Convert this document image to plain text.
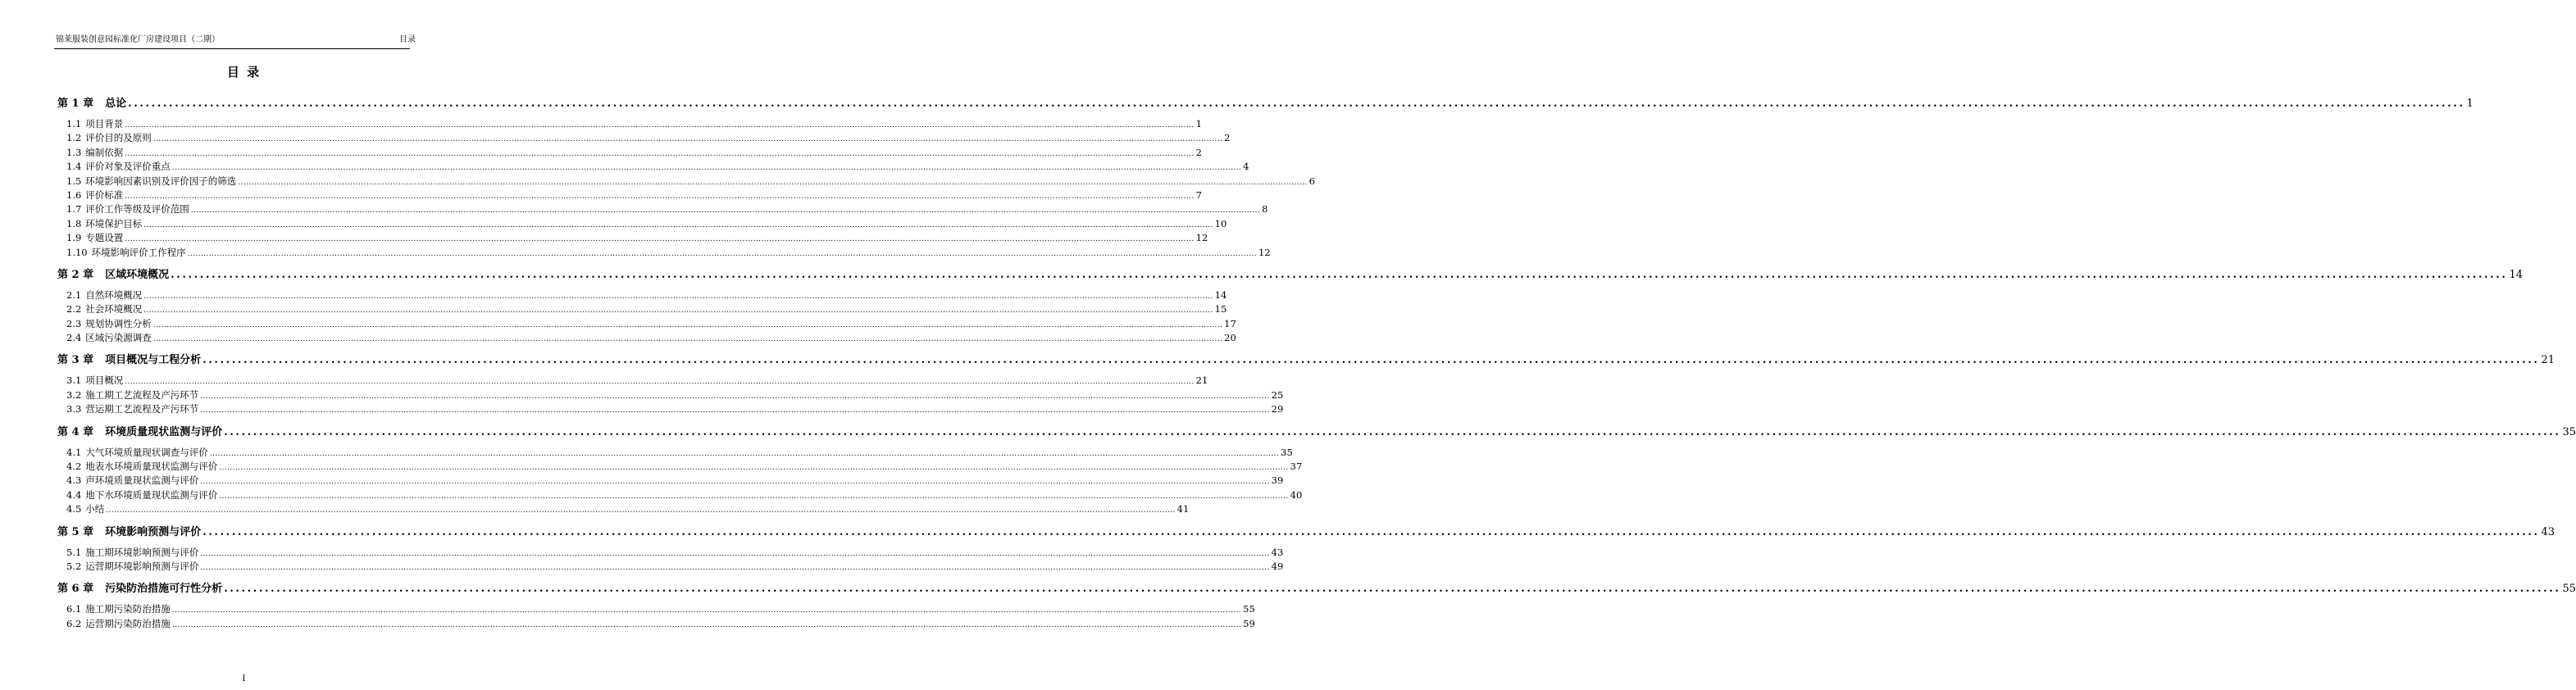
锦莱服装创意园标准化厂房建设项目（二期）	目录
目 录
第 1 章 总论 ................................................................................................................................................................................................................................................................................................................................................................................................................ 1
1.1 项目背景 ................................................................................................................................................................................................................................................................................................................................................................................................................ 1
1.2 评价目的及原则 ................................................................................................................................................................................................................................................................................................................................................................................................................ 2
1.3 编制依据 ................................................................................................................................................................................................................................................................................................................................................................................................................ 2
1.4 评价对象及评价重点 ................................................................................................................................................................................................................................................................................................................................................................................................................ 4
1.5 环境影响因素识别及评价因子的筛选 ................................................................................................................................................................................................................................................................................................................................................................................................................ 6
1.6 评价标准 ................................................................................................................................................................................................................................................................................................................................................................................................................ 7
1.7 评价工作等级及评价范围 ................................................................................................................................................................................................................................................................................................................................................................................................................ 8
1.8 环境保护目标 ................................................................................................................................................................................................................................................................................................................................................................................................................ 10
1.9 专题设置 ................................................................................................................................................................................................................................................................................................................................................................................................................ 12
1.10 环境影响评价工作程序 ................................................................................................................................................................................................................................................................................................................................................................................................................ 12
第 2 章 区域环境概况 ................................................................................................................................................................................................................................................................................................................................................................................................................ 14
2.1 自然环境概况 ................................................................................................................................................................................................................................................................................................................................................................................................................ 14
2.2 社会环境概况 ................................................................................................................................................................................................................................................................................................................................................................................................................ 15
2.3 规划协调性分析 ................................................................................................................................................................................................................................................................................................................................................................................................................ 17
2.4 区域污染源调查 ................................................................................................................................................................................................................................................................................................................................................................................................................ 20
第 3 章 项目概况与工程分析 ................................................................................................................................................................................................................................................................................................................................................................................................................ 21
3.1 项目概况 ................................................................................................................................................................................................................................................................................................................................................................................................................ 21
3.2 施工期工艺流程及产污环节 ................................................................................................................................................................................................................................................................................................................................................................................................................ 25
3.3 营运期工艺流程及产污环节 ................................................................................................................................................................................................................................................................................................................................................................................................................ 29
第 4 章 环境质量现状监测与评价 ................................................................................................................................................................................................................................................................................................................................................................................................................ 35
4.1 大气环境质量现状调查与评价 ................................................................................................................................................................................................................................................................................................................................................................................................................ 35
4.2 地表水环境质量现状监测与评价 ................................................................................................................................................................................................................................................................................................................................................................................................................ 37
4.3 声环境质量现状监测与评价 ................................................................................................................................................................................................................................................................................................................................................................................................................ 39
4.4 地下水环境质量现状监测与评价 ................................................................................................................................................................................................................................................................................................................................................................................................................ 40
4.5 小结 ................................................................................................................................................................................................................................................................................................................................................................................................................ 41
第 5 章 环境影响预测与评价 ................................................................................................................................................................................................................................................................................................................................................................................................................ 43
5.1 施工期环境影响预测与评价 ................................................................................................................................................................................................................................................................................................................................................................................................................ 43
5.2 运营期环境影响预测与评价 ................................................................................................................................................................................................................................................................................................................................................................................................................ 49
第 6 章 污染防治措施可行性分析 ................................................................................................................................................................................................................................................................................................................................................................................................................ 55
6.1 施工期污染防治措施 ................................................................................................................................................................................................................................................................................................................................................................................................................ 55
6.2 运营期污染防治措施 ................................................................................................................................................................................................................................................................................................................................................................................................................ 59
I
